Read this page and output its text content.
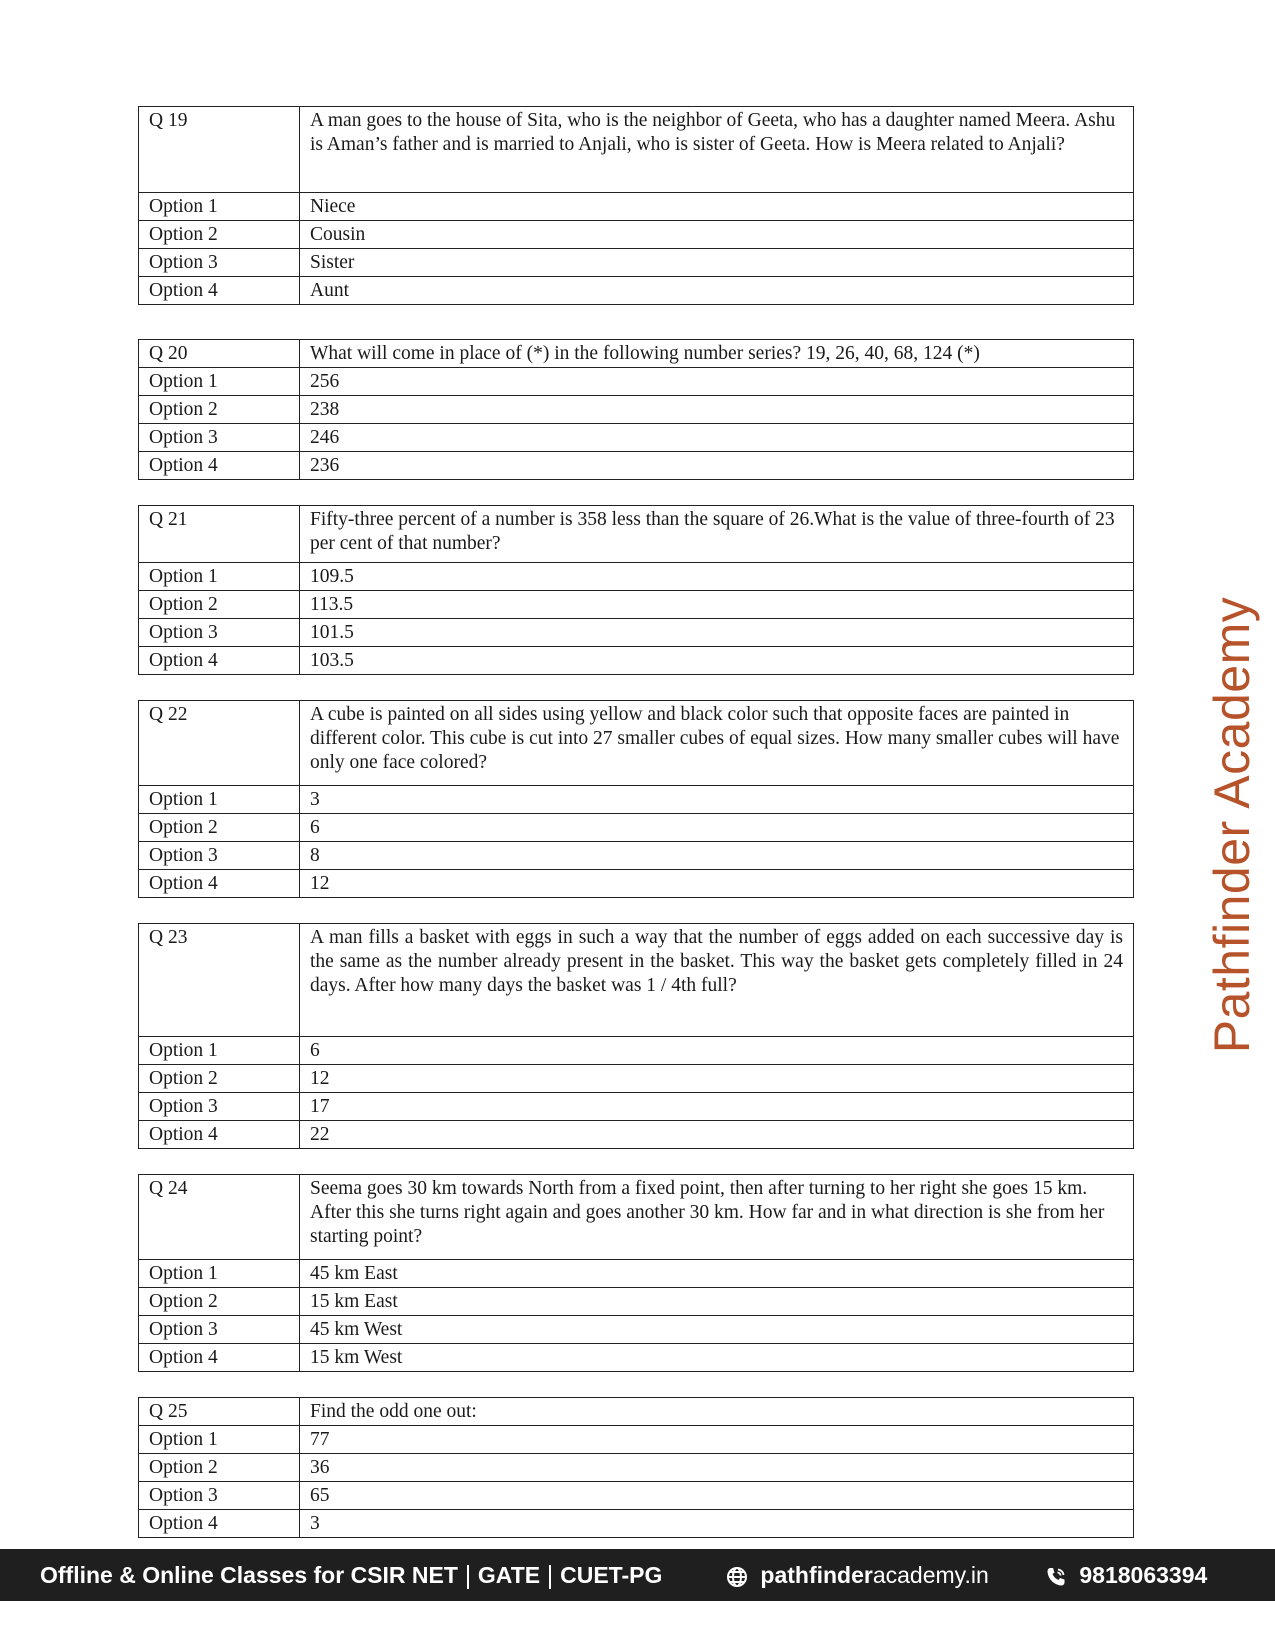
Q 19	A man goes to the house of Sita, who is the neighbor of Geeta, who has a daughter named Meera. Ashu is Aman’s father and is married to Anjali, who is sister of Geeta. How is Meera related to Anjali?
Option 1	Niece
Option 2	Cousin
Option 3	Sister
Option 4	Aunt
Q 20	What will come in place of (*) in the following number series? 19, 26, 40, 68, 124 (*)
Option 1	256
Option 2	238
Option 3	246
Option 4	236
Q 21	Fifty-three percent of a number is 358 less than the square of 26.What is the value of three-fourth of 23 per cent of that number?
Option 1	109.5
Option 2	113.5
Option 3	101.5
Option 4	103.5
Q 22	A cube is painted on all sides using yellow and black color such that opposite faces are painted in different color. This cube is cut into 27 smaller cubes of equal sizes. How many smaller cubes will have only one face colored?
Option 1	3
Option 2	6
Option 3	8
Option 4	12
Q 23	A man fills a basket with eggs in such a way that the number of eggs added on each successive day is the same as the number already present in the basket. This way the basket gets completely filled in 24 days. After how many days the basket was 1 / 4th full?
Option 1	6
Option 2	12
Option 3	17
Option 4	22
Q 24	Seema goes 30 km towards North from a fixed point, then after turning to her right she goes 15 km. After this she turns right again and goes another 30 km. How far and in what direction is she from her starting point?
Option 1	45 km East
Option 2	15 km East
Option 3	45 km West
Option 4	15 km West
Q 25	Find the odd one out:
Option 1	77
Option 2	36
Option 3	65
Option 4	3
Pathfinder Academy
Offline & Online Classes for CSIR NET GATE CUET-PG	pathfinderacademy.in	9818063394
